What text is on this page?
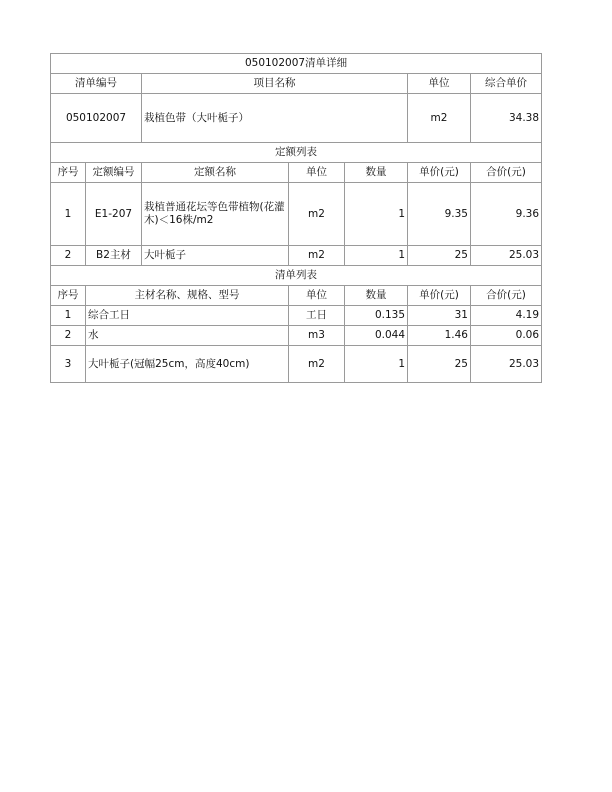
050102007清单详细						
清单编号		项目名称			单位	综合单价
050102007		栽植色带（大叶栀子）			m2	34.38
定额列表						
序号	定额编号	定额名称	单位	数量	单价(元)	合价(元)
1	E1-207	栽植普通花坛等色带植物(花灌木)＜16株/m2	m2	1	9.35	9.36
2	B2主材	大叶栀子	m2	1	25	25.03
清单列表						
序号	主材名称、规格、型号		单位	数量	单价(元)	合价(元)
1	综合工日		工日	0.135	31	4.19
2	水		m3	0.044	1.46	0.06
3	大叶栀子(冠幅25cm，高度40cm)		m2	1	25	25.03
